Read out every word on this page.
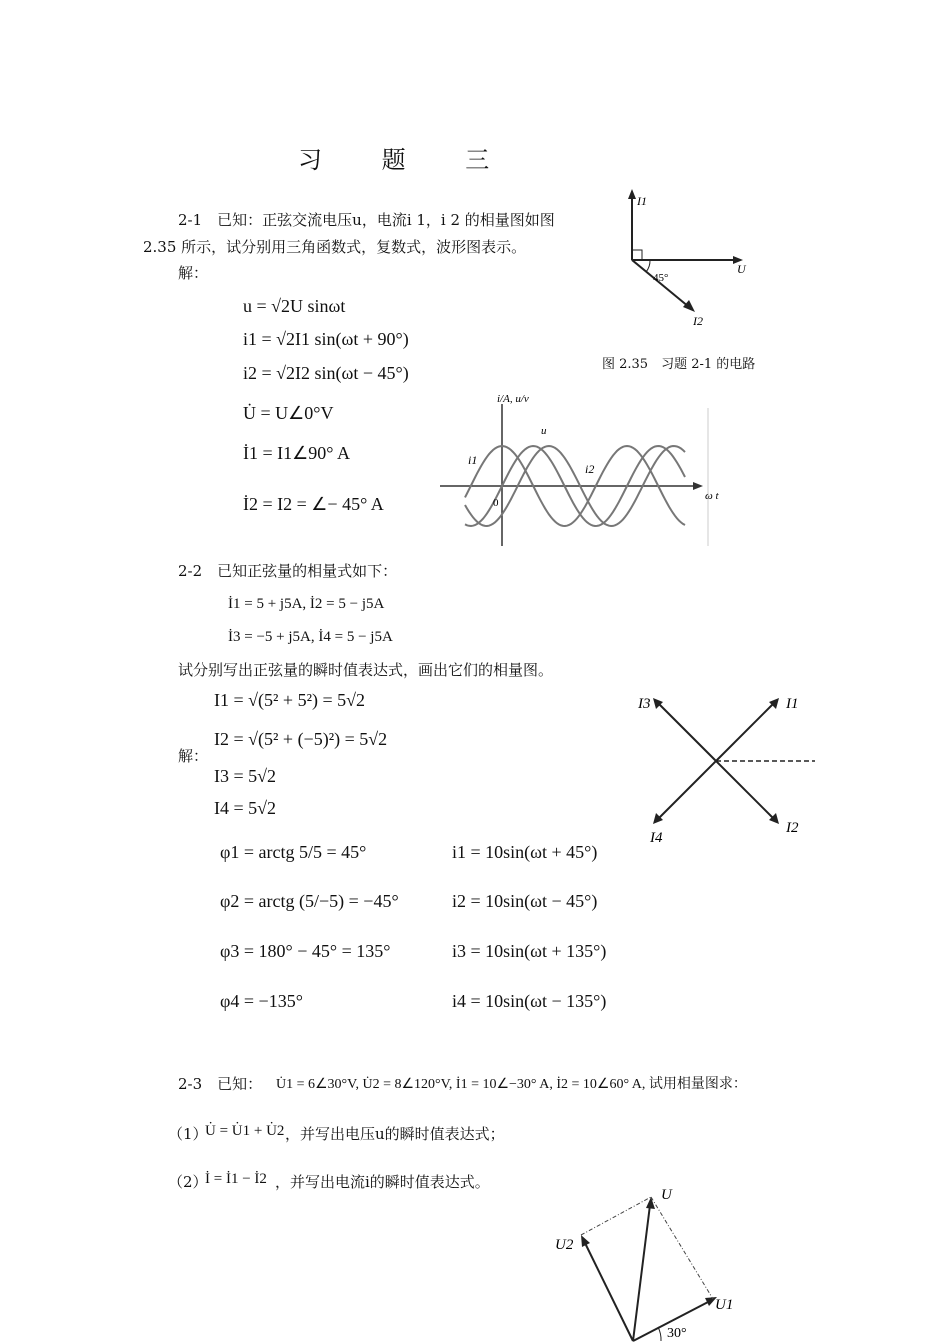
习 题 三
2-1　已知：正弦交流电压u，电流i 1，i 2 的相量图如图
2.35 所示，试分别用三角函数式，复数式，波形图表示。
解：
u = √2U sinωt
i1 = √2I1 sin(ωt + 90°)
i2 = √2I2 sin(ωt − 45°)
U̇ = U∠0°V
İ1 = I1∠90° A
İ2 = I2 = ∠− 45° A
I1
U
I2
45°
图 2.35　习题 2-1 的电路
i/A, u/v
u
i1
i2
0
ω t
2-2　已知正弦量的相量式如下：
İ1 = 5 + j5A, İ2 = 5 − j5A
İ3 = −5 + j5A, İ4 = 5 − j5A
试分别写出正弦量的瞬时值表达式，画出它们的相量图。
解：
I1 = √(5² + 5²) = 5√2
I2 = √(5² + (−5)²) = 5√2
I3 = 5√2
I4 = 5√2
φ1 = arctg 5/5 = 45°
φ2 = arctg (5/−5) = −45°
φ3 = 180° − 45° = 135°
φ4 = −135°
i1 = 10sin(ωt + 45°)
i2 = 10sin(ωt − 45°)
i3 = 10sin(ωt + 135°)
i4 = 10sin(ωt − 135°)
I3	I1
I4
I2
2-3　已知： U̇1 = 6∠30°V, U̇2 = 8∠120°V, İ1 = 10∠−30° A, İ2 = 10∠60° A, 试用相量图求：
（1）
U̇ = U̇1 + U̇2 ，并写出电压u的瞬时值表达式；
（2）
İ = İ1 − İ2 ，并写出电流i的瞬时值表达式。
U
U2
U1
30°
